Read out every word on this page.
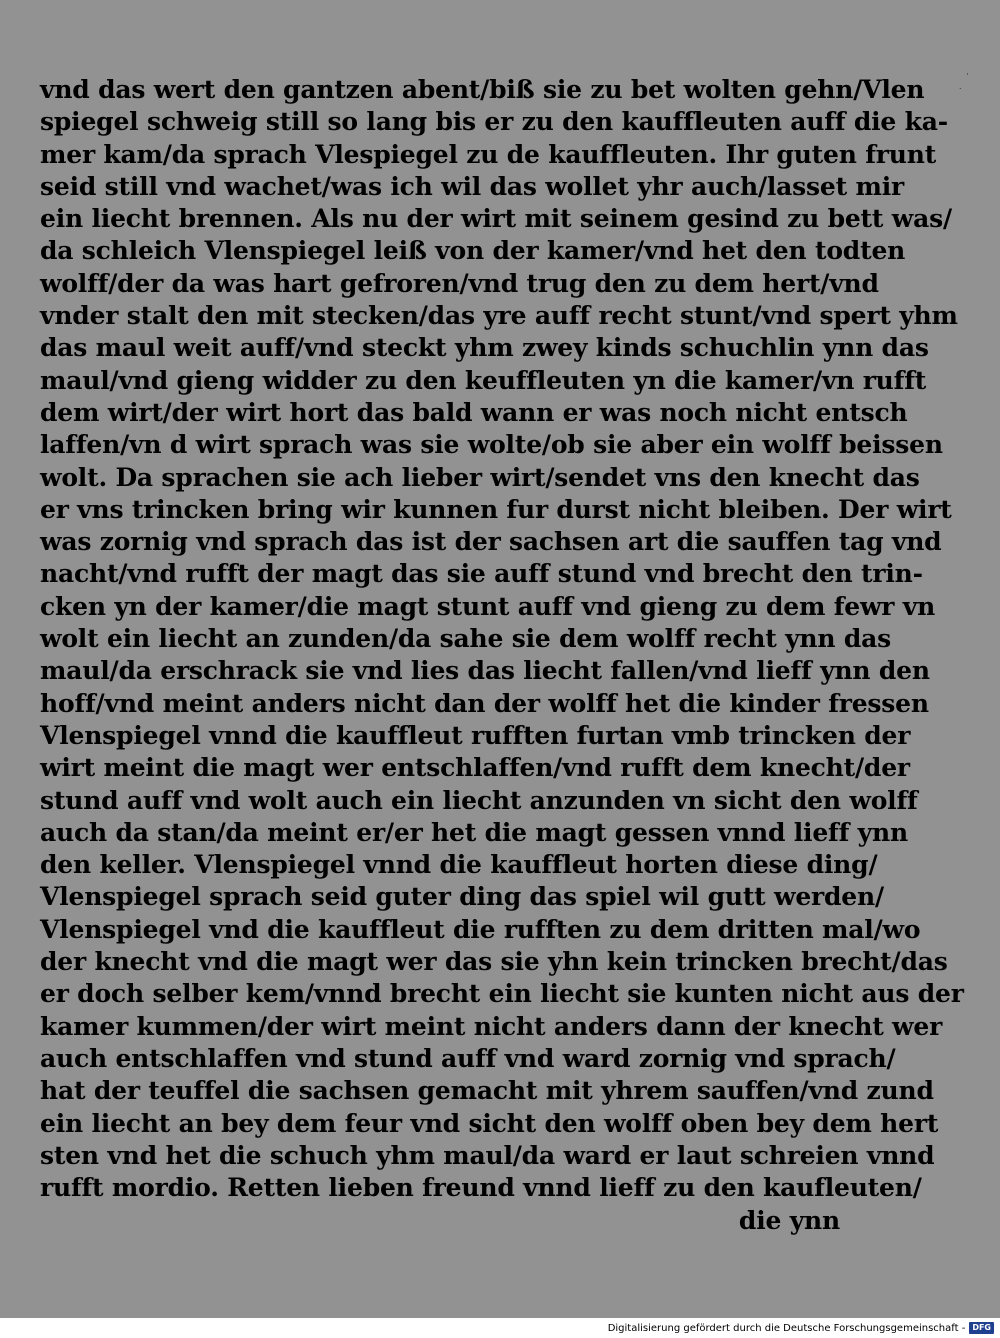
vnd das wert den gantzen abent/biß sie zu bet wolten gehn/Vlen
spiegel schweig still so lang bis er zu den kauffleuten auff die ka-
mer kam/da sprach Vlespiegel zu de kauffleuten. Ihr guten frunt
seid still vnd wachet/was ich wil das wollet yhr auch/lasset mir
ein liecht brennen. Als nu der wirt mit seinem gesind zu bett was/
da schleich Vlenspiegel leiß von der kamer/vnd het den todten
wolff/der da was hart gefroren/vnd trug den zu dem hert/vnd
vnder stalt den mit stecken/das yre auff recht stunt/vnd spert yhm
das maul weit auff/vnd steckt yhm zwey kinds schuchlin ynn das
maul/vnd gieng widder zu den keuffleuten yn die kamer/vn rufft
dem wirt/der wirt hort das bald wann er was noch nicht entsch
laffen/vn d wirt sprach was sie wolte/ob sie aber ein wolff beissen
wolt. Da sprachen sie ach lieber wirt/sendet vns den knecht das
er vns trincken bring wir kunnen fur durst nicht bleiben. Der wirt
was zornig vnd sprach das ist der sachsen art die sauffen tag vnd
nacht/vnd rufft der magt das sie auff stund vnd brecht den trin-
cken yn der kamer/die magt stunt auff vnd gieng zu dem fewr vn
wolt ein liecht an zunden/da sahe sie dem wolff recht ynn das
maul/da erschrack sie vnd lies das liecht fallen/vnd lieff ynn den
hoff/vnd meint anders nicht dan der wolff het die kinder fressen
Vlenspiegel vnnd die kauffleut rufften furtan vmb trincken der
wirt meint die magt wer entschlaffen/vnd rufft dem knecht/der
stund auff vnd wolt auch ein liecht anzunden vn sicht den wolff
auch da stan/da meint er/er het die magt gessen vnnd lieff ynn
den keller. Vlenspiegel vnnd die kauffleut horten diese ding/
Vlenspiegel sprach seid guter ding das spiel wil gutt werden/
Vlenspiegel vnd die kauffleut die rufften zu dem dritten mal/wo
der knecht vnd die magt wer das sie yhn kein trincken brecht/das
er doch selber kem/vnnd brecht ein liecht sie kunten nicht aus der
kamer kummen/der wirt meint nicht anders dann der knecht wer
auch entschlaffen vnd stund auff vnd ward zornig vnd sprach/
hat der teuffel die sachsen gemacht mit yhrem sauffen/vnd zund
ein liecht an bey dem feur vnd sicht den wolff oben bey dem hert
sten vnd het die schuch yhm maul/da ward er laut schreien vnnd
rufft mordio. Retten lieben freund vnnd lieff zu den kaufleuten/
die ynn
·
˙
Digitalisierung gefördert durch die Deutsche Forschungsgemeinschaft - DFG
